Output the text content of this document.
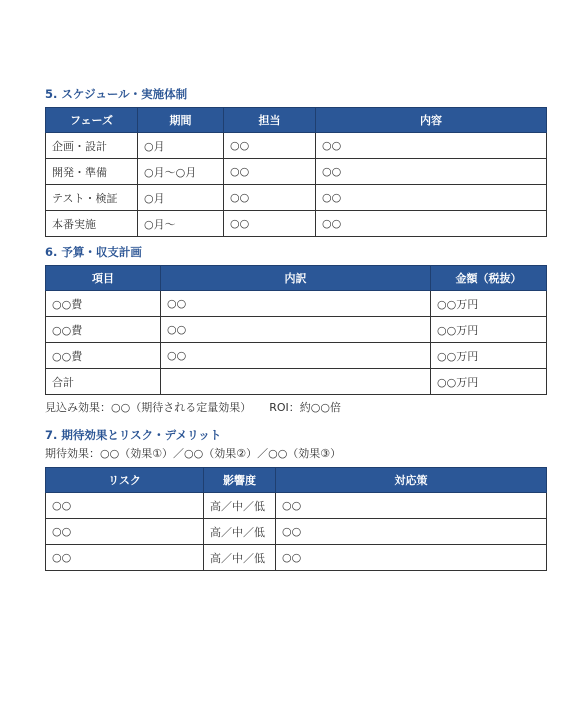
5. スケジュール・実施体制
フェーズ	期間	担当	内容
企画・設計	○月	○○	○○
開発・準備	○月〜○月	○○	○○
テスト・検証	○月	○○	○○
本番実施	○月〜	○○	○○
6. 予算・収支計画
項目	内訳	金額（税抜）
○○費	○○	○○万円
○○費	○○	○○万円
○○費	○○	○○万円
合計		○○万円
見込み効果：○○（期待される定量効果） ROI：約○○倍
7. 期待効果とリスク・デメリット
期待効果：○○（効果①）／○○（効果②）／○○（効果③）
リスク	影響度	対応策
○○	高／中／低	○○
○○	高／中／低	○○
○○	高／中／低	○○
